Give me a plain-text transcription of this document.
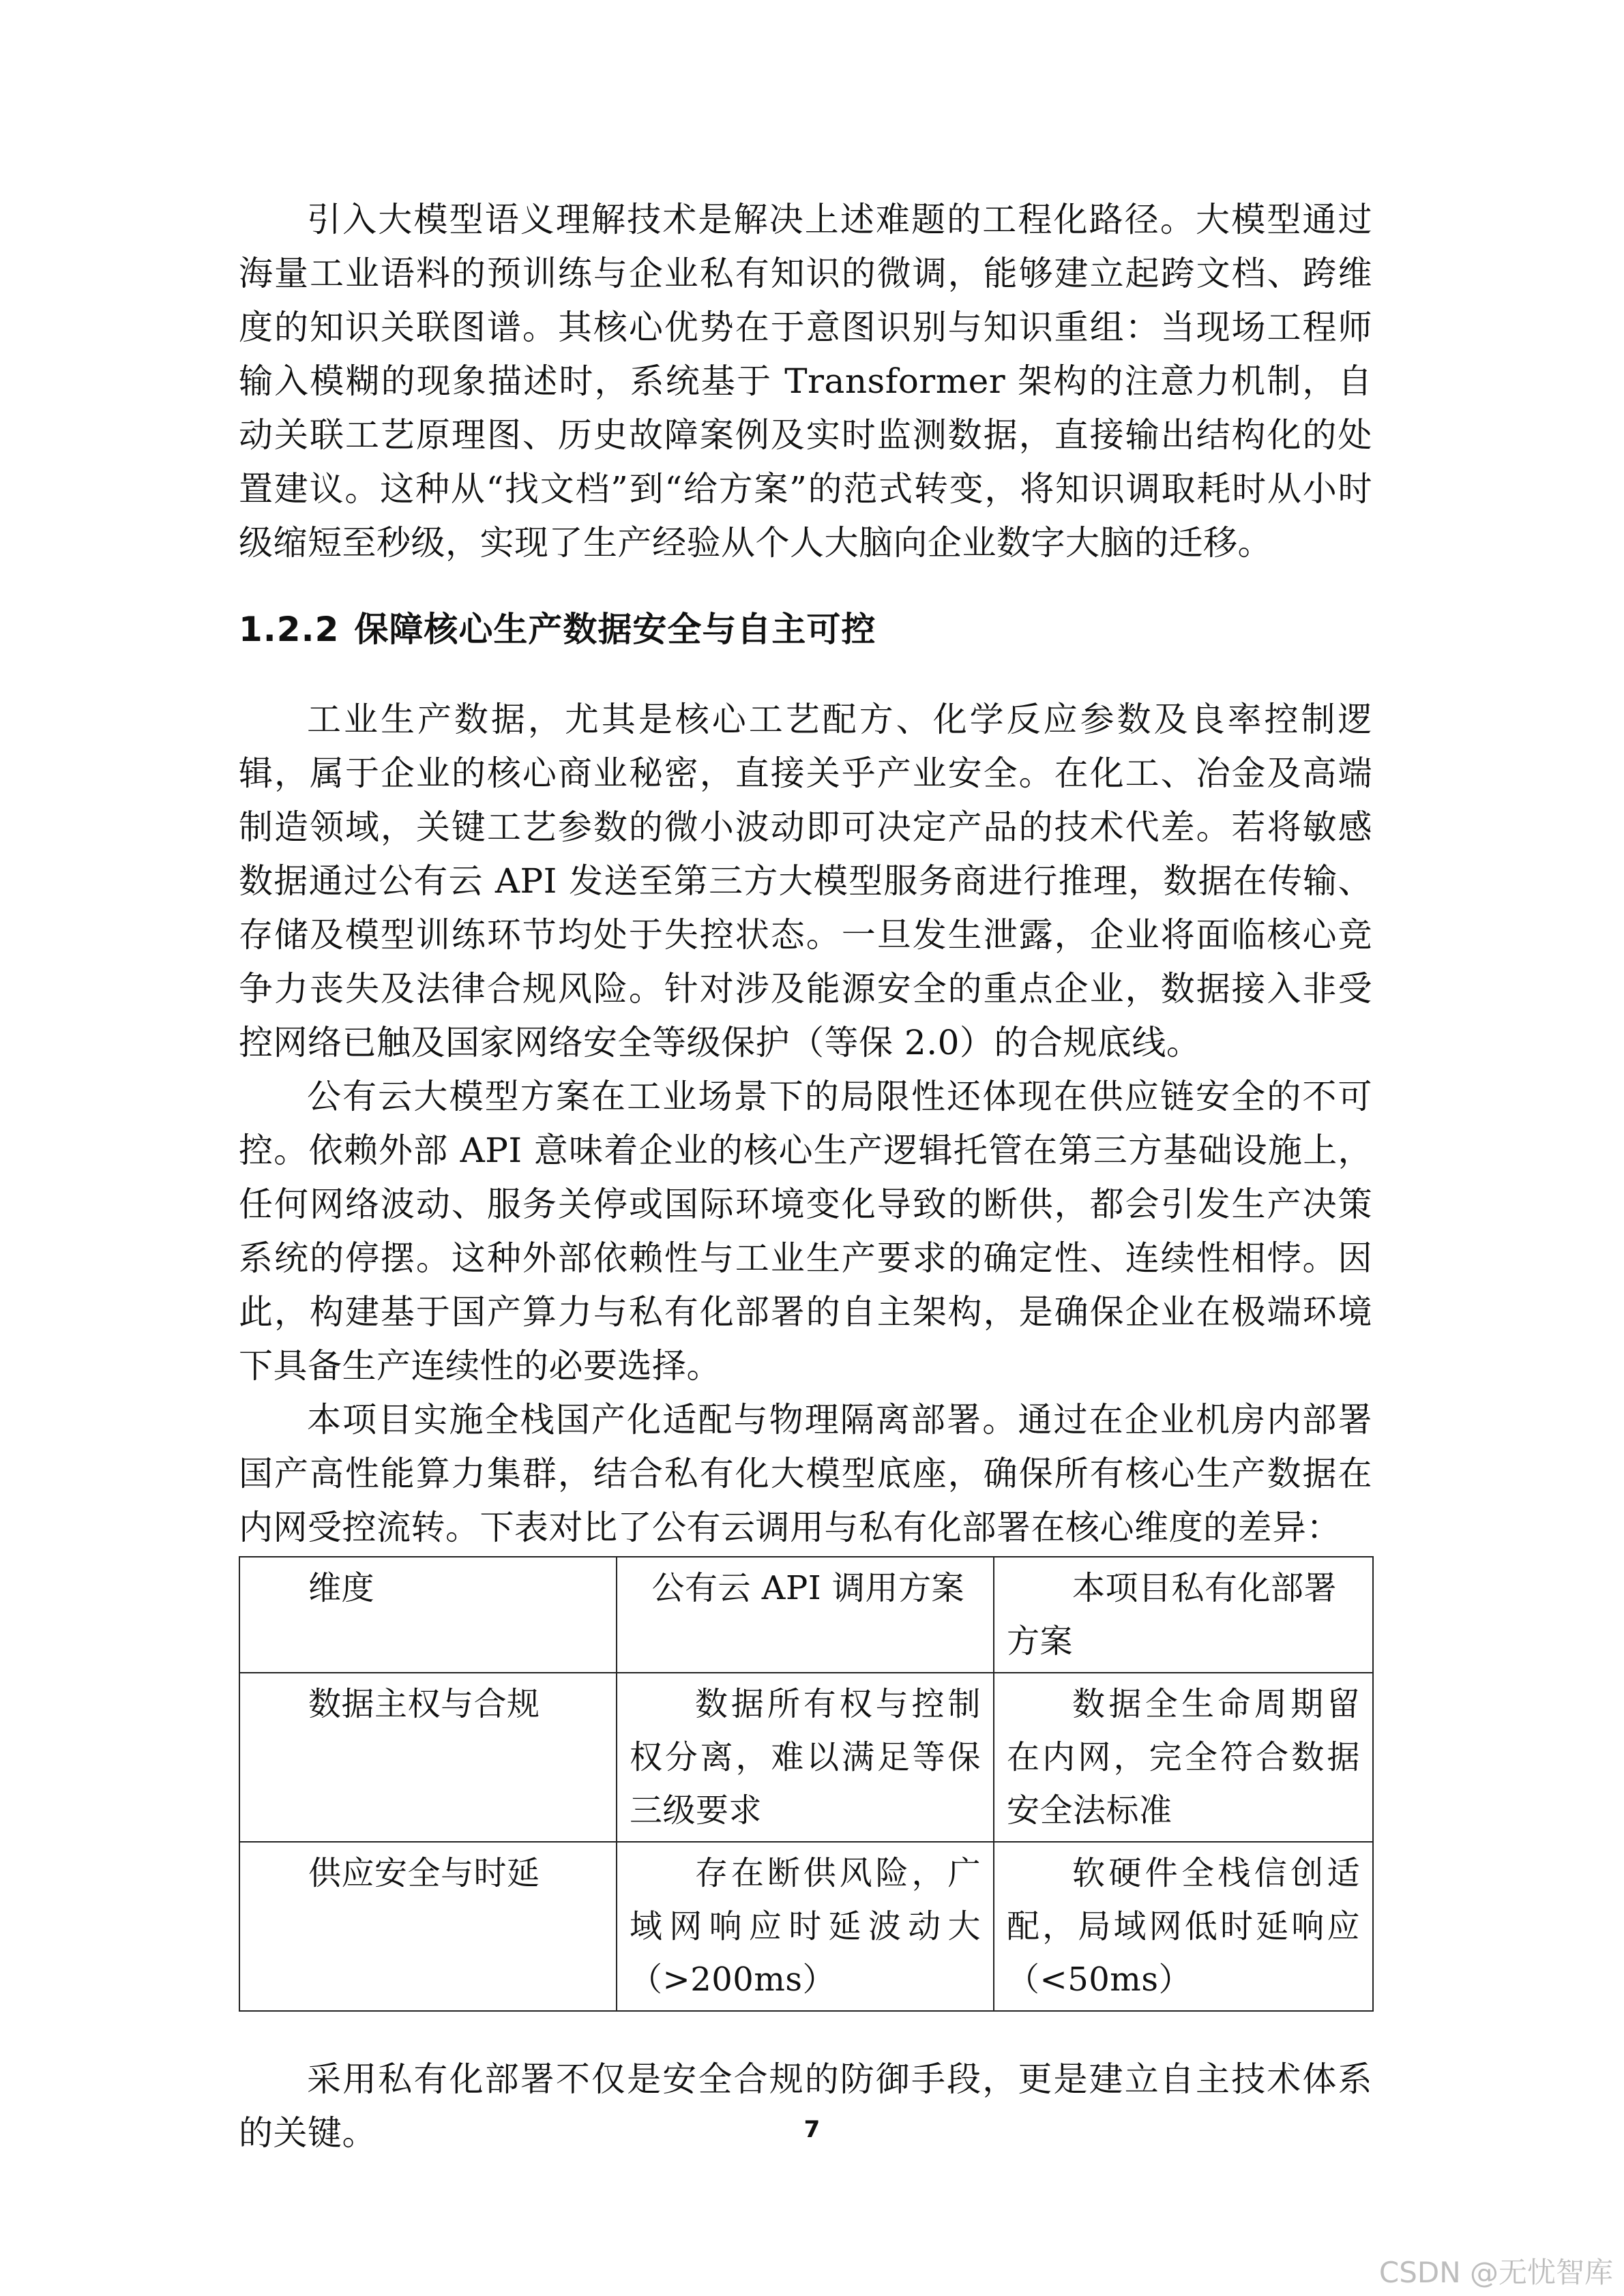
引入大模型语义理解技术是解决上述难题的工程化路径。大模型通过海量工业语料的预训练与企业私有知识的微调，能够建立起跨文档、跨维度的知识关联图谱。其核心优势在于意图识别与知识重组：当现场工程师输入模糊的现象描述时，系统基于 Transformer 架构的注意力机制，自动关联工艺原理图、历史故障案例及实时监测数据，直接输出结构化的处置建议。这种从“找文档”到“给方案”的范式转变，将知识调取耗时从小时级缩短至秒级，实现了生产经验从个人大脑向企业数字大脑的迁移。

1.2.2 保障核心生产数据安全与自主可控

工业生产数据，尤其是核心工艺配方、化学反应参数及良率控制逻辑，属于企业的核心商业秘密，直接关乎产业安全。在化工、冶金及高端制造领域，关键工艺参数的微小波动即可决定产品的技术代差。若将敏感数据通过公有云 API 发送至第三方大模型服务商进行推理，数据在传输、存储及模型训练环节均处于失控状态。一旦发生泄露，企业将面临核心竞争力丧失及法律合规风险。针对涉及能源安全的重点企业，数据接入非受控网络已触及国家网络安全等级保护（等保 2.0）的合规底线。

公有云大模型方案在工业场景下的局限性还体现在供应链安全的不可控。依赖外部 API 意味着企业的核心生产逻辑托管在第三方基础设施上，任何网络波动、服务关停或国际环境变化导致的断供，都会引发生产决策系统的停摆。这种外部依赖性与工业生产要求的确定性、连续性相悖。因此，构建基于国产算力与私有化部署的自主架构，是确保企业在极端环境下具备生产连续性的必要选择。

本项目实施全栈国产化适配与物理隔离部署。通过在企业机房内部署国产高性能算力集群，结合私有化大模型底座，确保所有核心生产数据在内网受控流转。下表对比了公有云调用与私有化部署在核心维度的差异：

维度	公有云 API 调用方案	本项目私有化部署方案
数据主权与合规	数据所有权与控制权分离，难以满足等保三级要求	数据全生命周期留在内网，完全符合数据安全法标准
供应安全与时延	存在断供风险，广域网响应时延波动大（>200ms）	软硬件全栈信创适配，局域网低时延响应（<50ms）

采用私有化部署不仅是安全合规的防御手段，更是建立自主技术体系的关键。	7
CSDN @无忧智库
